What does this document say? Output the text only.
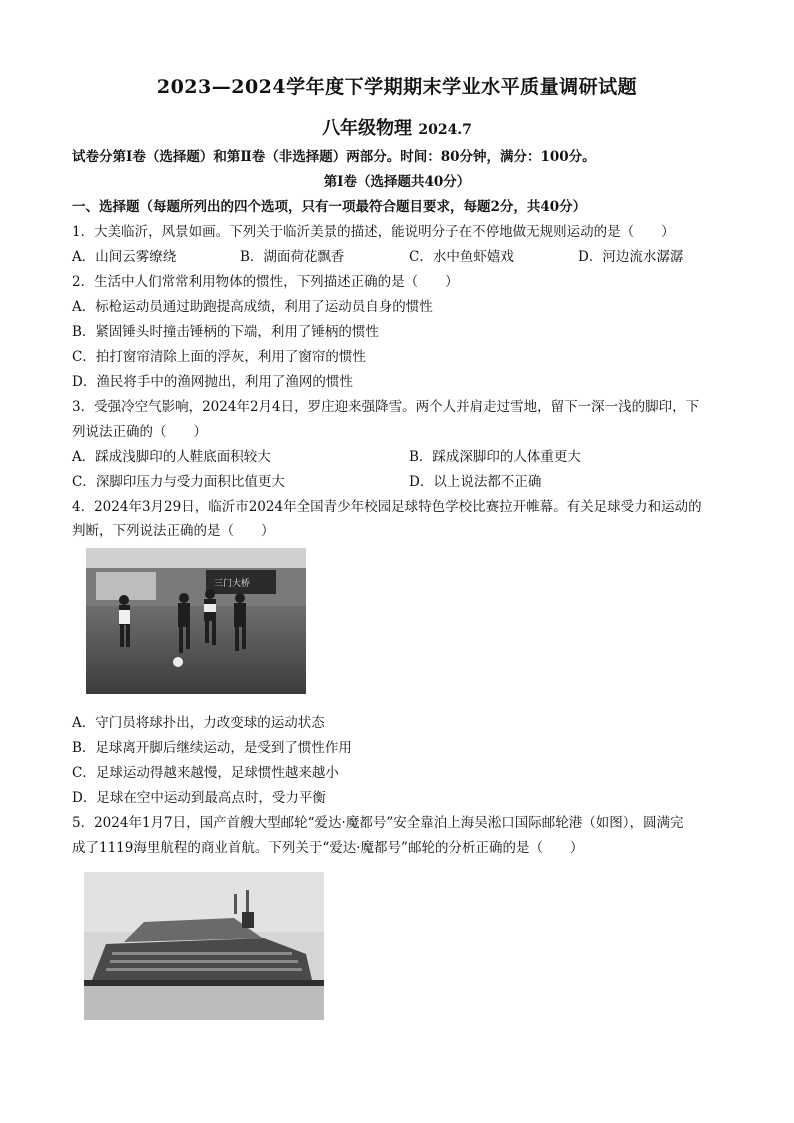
2023—2024学年度下学期期末学业水平质量调研试题
八年级物理 2024.7
试卷分第Ⅰ卷（选择题）和第Ⅱ卷（非选择题）两部分。时间：80分钟，满分：100分。
第Ⅰ卷（选择题共40分）
一、选择题（每题所列出的四个选项，只有一项最符合题目要求，每题2分，共40分）
1．大美临沂，风景如画。下列关于临沂美景的描述，能说明分子在不停地做无规则运动的是（　　）
A．山间云雾缭绕	B．湖面荷花飘香	C．水中鱼虾嬉戏	D．河边流水潺潺
2．生活中人们常常利用物体的惯性，下列描述正确的是（　　）
A．标枪运动员通过助跑提高成绩，利用了运动员自身的惯性
B．紧固锤头时撞击锤柄的下端，利用了锤柄的惯性
C．拍打窗帘清除上面的浮灰，利用了窗帘的惯性
D．渔民将手中的渔网抛出，利用了渔网的惯性
3．受强冷空气影响，2024年2月4日，罗庄迎来强降雪。两个人并肩走过雪地，留下一深一浅的脚印，下
列说法正确的（　　）
A．踩成浅脚印的人鞋底面积较大	B．踩成深脚印的人体重更大
C．深脚印压力与受力面积比值更大	D．以上说法都不正确
4．2024年3月29日，临沂市2024年全国青少年校园足球特色学校比赛拉开帷幕。有关足球受力和运动的
判断，下列说法正确的是（　　）
三门大桥
A．守门员将球扑出，力改变球的运动状态
B．足球离开脚后继续运动，是受到了惯性作用
C．足球运动得越来越慢，足球惯性越来越小
D．足球在空中运动到最高点时，受力平衡
5．2024年1月7日，国产首艘大型邮轮“爱达·魔都号”安全靠泊上海吴淞口国际邮轮港（如图），圆满完
成了1119海里航程的商业首航。下列关于“爱达·魔都号”邮轮的分析正确的是（　　）
